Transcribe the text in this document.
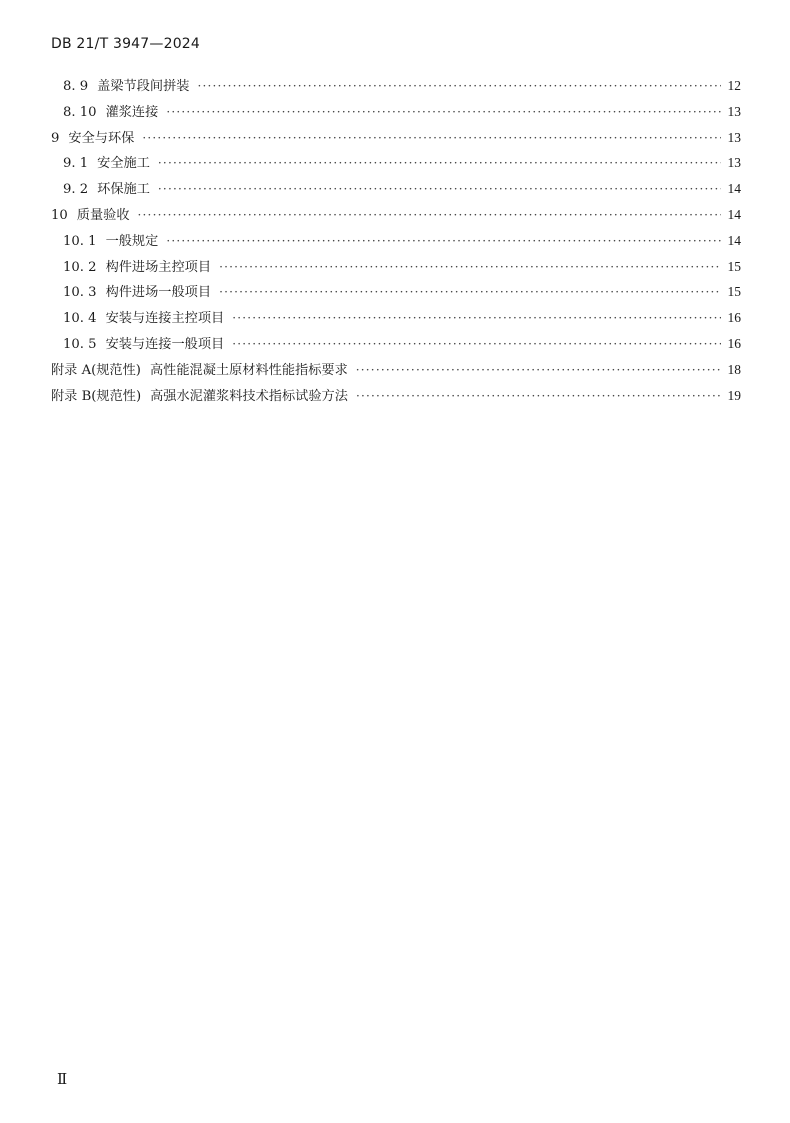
DB 21/T 3947—2024
8. 9 盖梁节段间拼装 ·····	12
8. 10 灌浆连接 ·····	13
9 安全与环保 ·····	13
9. 1 安全施工 ·····	13
9. 2 环保施工 ·····	14
10 质量验收 ·····	14
10. 1 一般规定 ·····	14
10. 2 构件进场主控项目 ·····	15
10. 3 构件进场一般项目 ·····	15
10. 4 安装与连接主控项目 ·····	16
10. 5 安装与连接一般项目 ·····	16
附录 A(规范性) 高性能混凝土原材料性能指标要求 ·····	18
附录 B(规范性) 高强水泥灌浆料技术指标试验方法 ·····	19
Ⅱ
